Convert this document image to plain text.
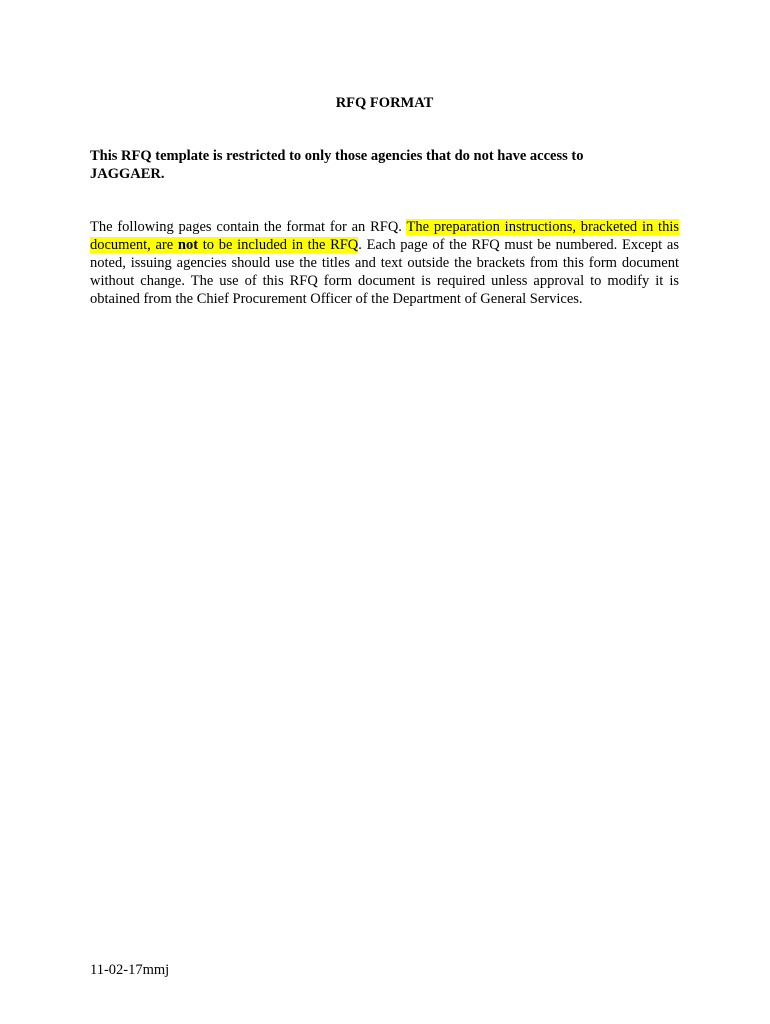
RFQ FORMAT
This RFQ template is restricted to only those agencies that do not have access to JAGGAER.
The following pages contain the format for an RFQ. The preparation instructions, bracketed in this document, are not to be included in the RFQ. Each page of the RFQ must be numbered. Except as noted, issuing agencies should use the titles and text outside the brackets from this form document without change. The use of this RFQ form document is required unless approval to modify it is obtained from the Chief Procurement Officer of the Department of General Services.
11-02-17mmj
